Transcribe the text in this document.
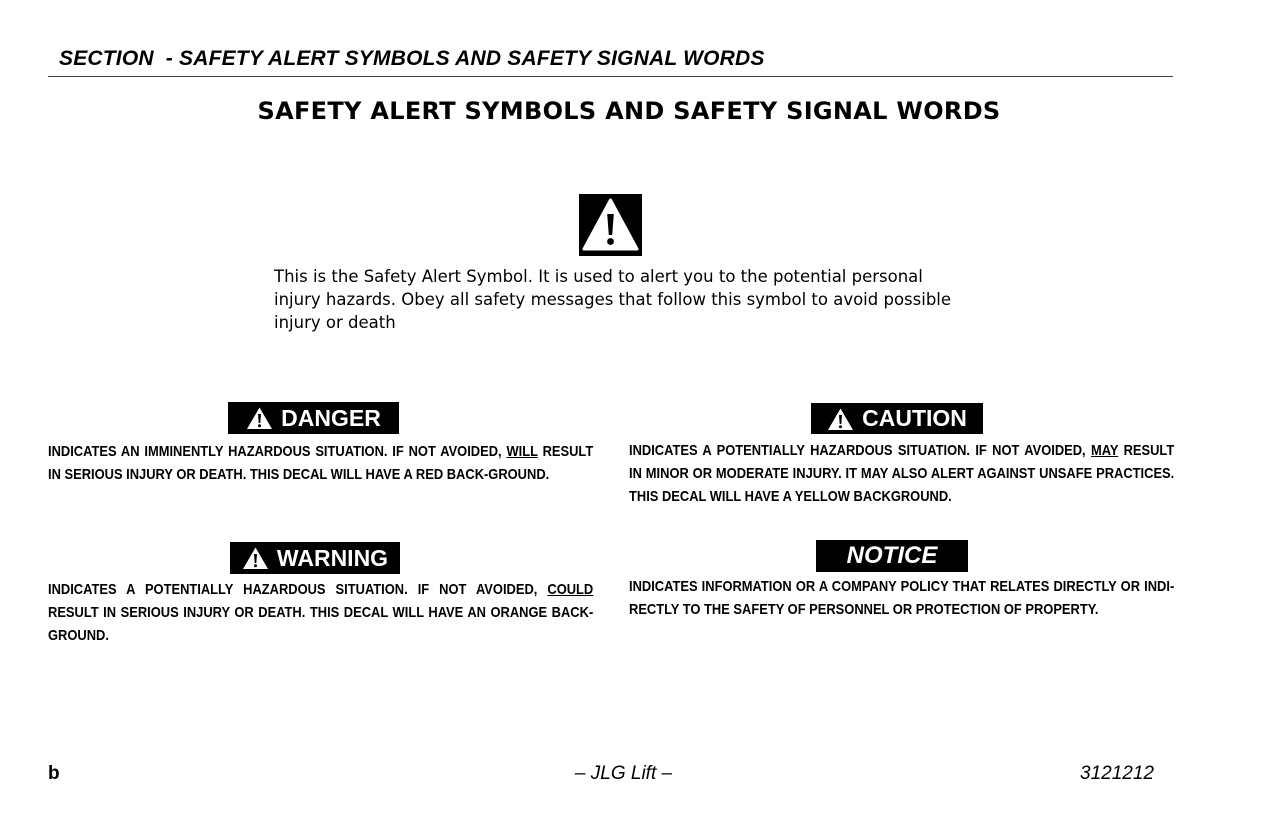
SECTION  - SAFETY ALERT SYMBOLS AND SAFETY SIGNAL WORDS
SAFETY ALERT SYMBOLS AND SAFETY SIGNAL WORDS
This is the Safety Alert Symbol. It is used to alert you to the potential personal injury hazards. Obey all safety messages that follow this symbol to avoid possible injury or death
DANGER
INDICATES AN IMMINENTLY HAZARDOUS SITUATION. IF NOT AVOIDED, WILL RESULT IN SERIOUS INJURY OR DEATH. THIS DECAL WILL HAVE A RED BACK-GROUND.
CAUTION
INDICATES A POTENTIALLY HAZARDOUS SITUATION. IF NOT AVOIDED, MAY RESULT IN MINOR OR MODERATE INJURY. IT MAY ALSO ALERT AGAINST UNSAFE PRACTICES. THIS DECAL WILL HAVE A YELLOW BACKGROUND.
WARNING
INDICATES A POTENTIALLY HAZARDOUS SITUATION. IF NOT AVOIDED, COULD RESULT IN SERIOUS INJURY OR DEATH. THIS DECAL WILL HAVE AN ORANGE BACK-GROUND.
NOTICE
INDICATES INFORMATION OR A COMPANY POLICY THAT RELATES DIRECTLY OR INDI-RECTLY TO THE SAFETY OF PERSONNEL OR PROTECTION OF PROPERTY.
b	– JLG Lift –	3121212
